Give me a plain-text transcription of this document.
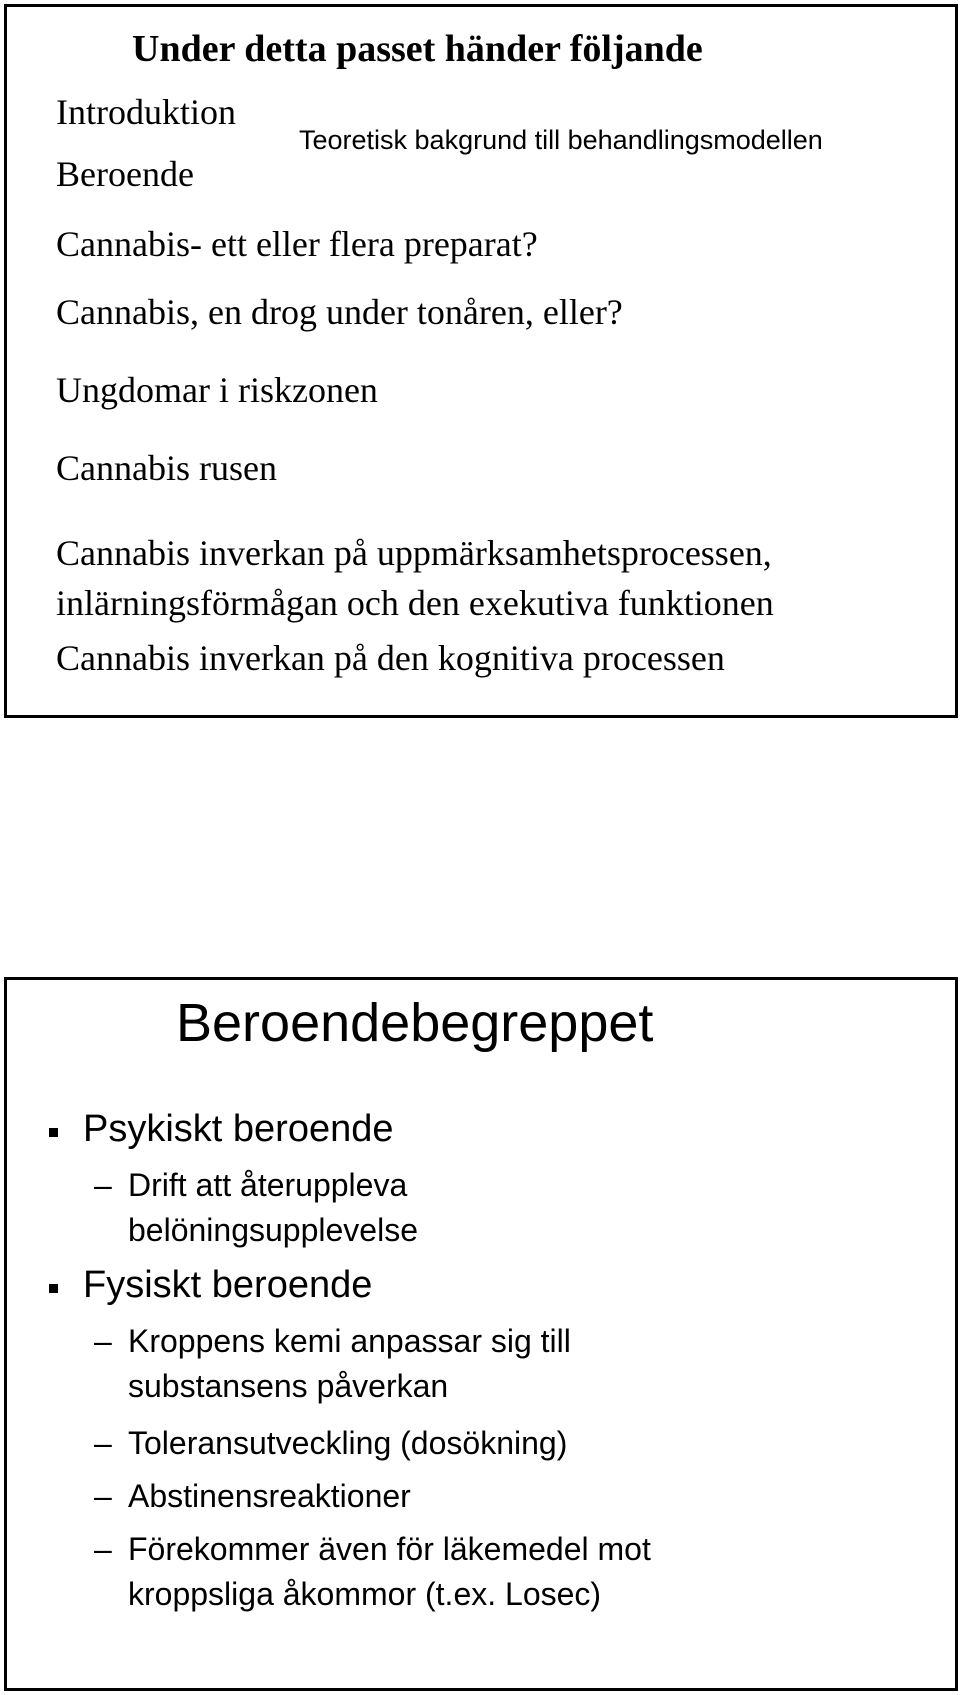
Under detta passet händer följande
Introduktion
Teoretisk bakgrund till behandlingsmodellen
Beroende
Cannabis- ett eller flera preparat?
Cannabis, en drog under tonåren, eller?
Ungdomar i riskzonen
Cannabis rusen
Cannabis inverkan på uppmärksamhetsprocessen,
inlärningsförmågan och den exekutiva funktionen
Cannabis inverkan på den kognitiva processen
Beroendebegreppet
Psykiskt beroende
– Drift att återuppleva
belöningsupplevelse
Fysiskt beroende
– Kroppens kemi anpassar sig till
substansens påverkan
– Toleransutveckling (dosökning)
– Abstinensreaktioner
– Förekommer även för läkemedel mot
kroppsliga åkommor (t.ex. Losec)
